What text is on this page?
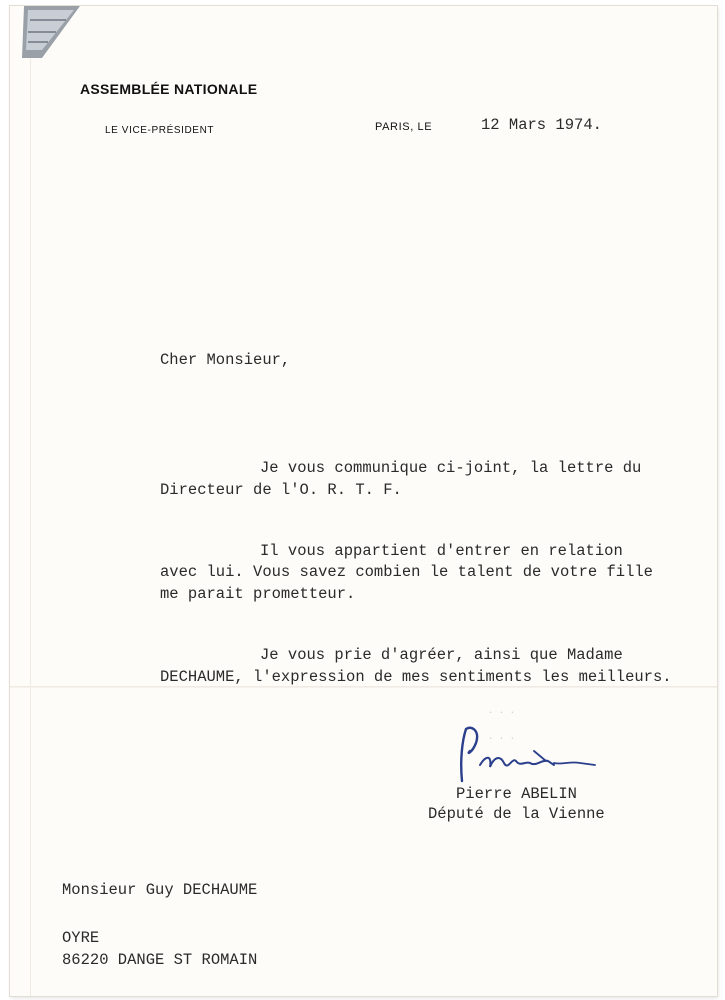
ASSEMBLÉE NATIONALE
LE VICE-PRÉSIDENT	PARIS, LE	12 Mars 1974.
Cher Monsieur,
Je vous communique ci-joint, la lettre du
Directeur de l'O. R. T. F.
Il vous appartient d'entrer en relation
avec lui. Vous savez combien le talent de votre fille
me parait prometteur.
Je vous prie d'agréer, ainsi que Madame
DECHAUME, l'expression de mes sentiments les meilleurs.
· · ·
· · ·
Pierre ABELIN
Député de la Vienne
Monsieur Guy DECHAUME
OYRE
86220 DANGE ST ROMAIN
